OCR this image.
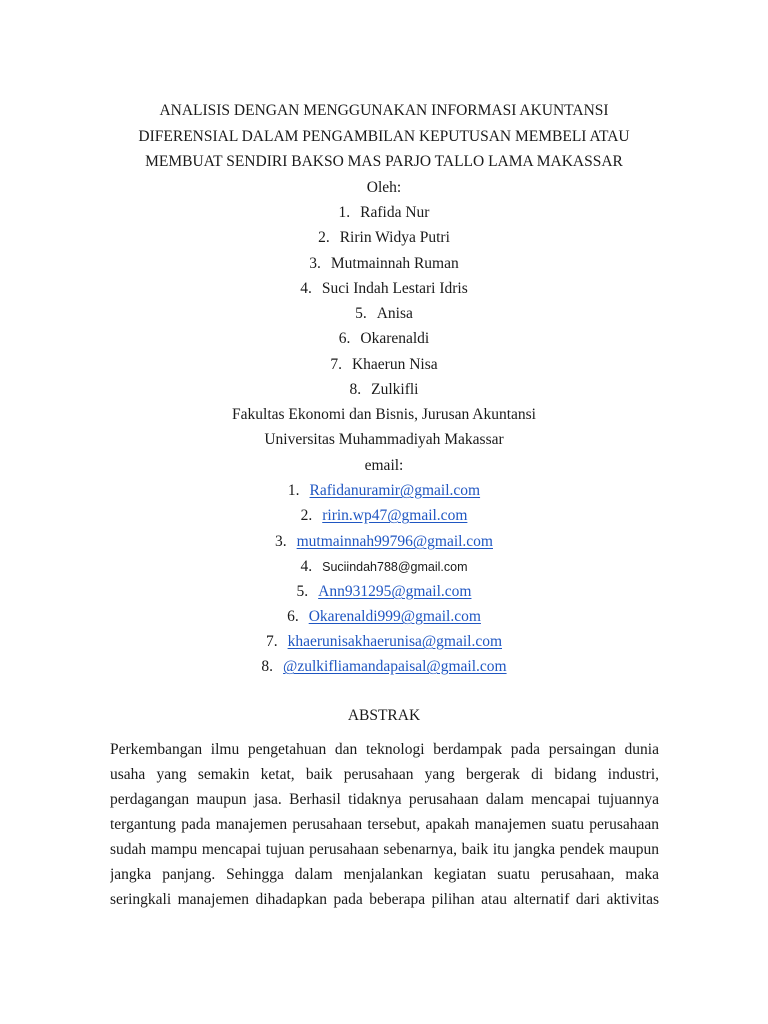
ANALISIS DENGAN MENGGUNAKAN INFORMASI AKUNTANSI
DIFERENSIAL DALAM PENGAMBILAN KEPUTUSAN MEMBELI ATAU
MEMBUAT SENDIRI BAKSO MAS PARJO TALLO LAMA MAKASSAR
Oleh:
1. Rafida Nur
2. Ririn Widya Putri
3. Mutmainnah Ruman
4. Suci Indah Lestari Idris
5. Anisa
6. Okarenaldi
7. Khaerun Nisa
8. Zulkifli
Fakultas Ekonomi dan Bisnis, Jurusan Akuntansi
Universitas Muhammadiyah Makassar
email:
1. Rafidanuramir@gmail.com
2. ririn.wp47@gmail.com
3. mutmainnah99796@gmail.com
4. Suciindah788@gmail.com
5. Ann931295@gmail.com
6. Okarenaldi999@gmail.com
7. khaerunisakhaerunisa@gmail.com
8. @zulkifliamandapaisal@gmail.com
ABSTRAK
Perkembangan ilmu pengetahuan dan teknologi berdampak pada persaingan dunia
usaha yang semakin ketat, baik perusahaan yang bergerak di bidang industri,
perdagangan maupun jasa. Berhasil tidaknya perusahaan dalam mencapai tujuannya
tergantung pada manajemen perusahaan tersebut, apakah manajemen suatu perusahaan
sudah mampu mencapai tujuan perusahaan sebenarnya, baik itu jangka pendek maupun
jangka panjang. Sehingga dalam menjalankan kegiatan suatu perusahaan, maka
seringkali manajemen dihadapkan pada beberapa pilihan atau alternatif dari aktivitas
